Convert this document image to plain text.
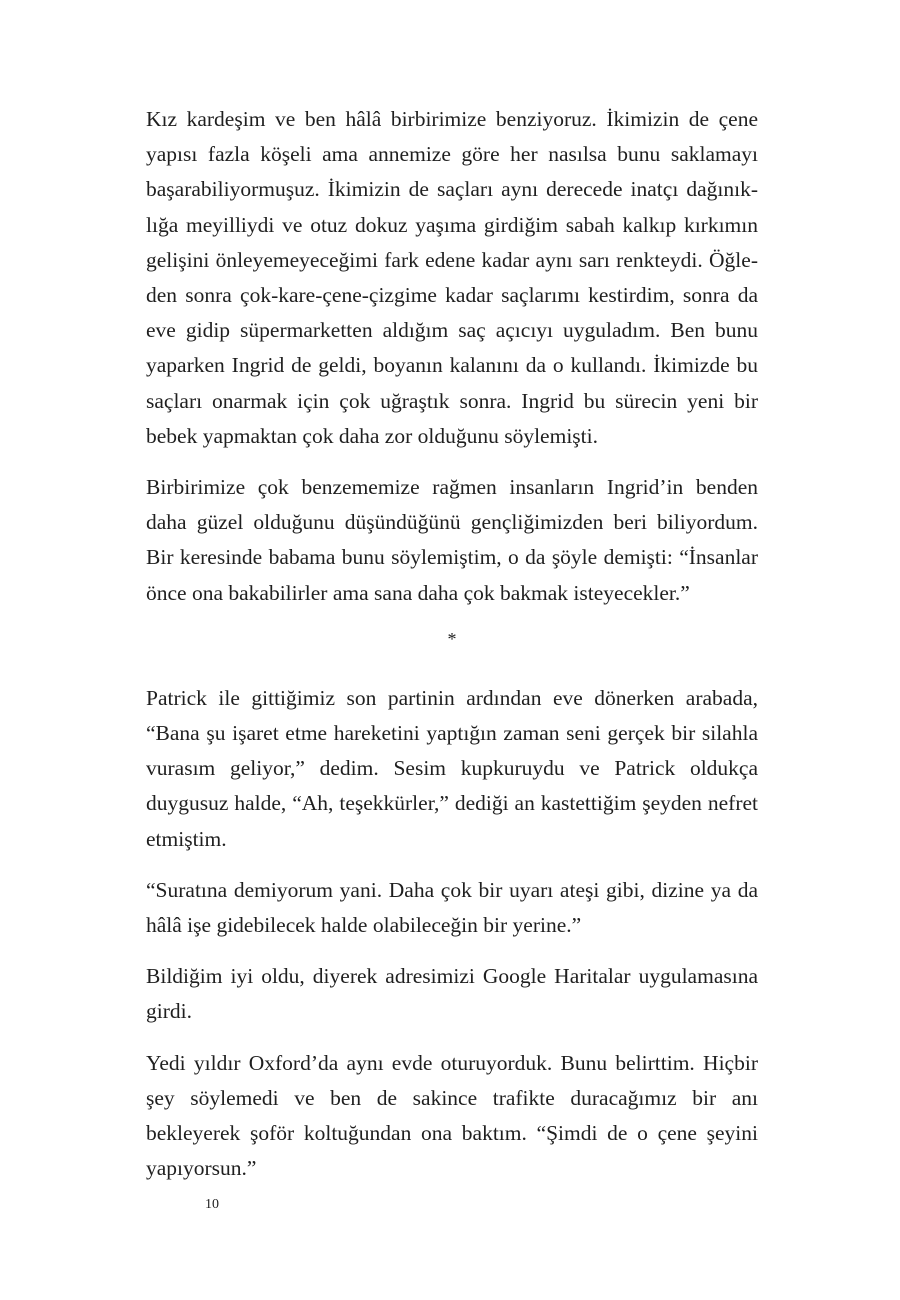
Kız kardeşim ve ben hâlâ birbirimize benziyoruz. İkimizin de çene yapısı fazla köşeli ama annemize göre her nasılsa bunu saklamayı başarabiliyormuşuz. İkimizin de saçları aynı derecede inatçı dağınıklığa meyilliydi ve otuz dokuz yaşıma girdiğim sabah kalkıp kırkımın gelişini önleyemeyeceğimi fark edene kadar aynı sarı renkteydi. Öğleden sonra çok-kare-çene-çizgime kadar saçlarımı kestirdim, sonra da eve gidip süpermarketten aldığım saç açıcıyı uyguladım. Ben bunu yaparken Ingrid de geldi, boyanın kalanını da o kullandı. İkimizde bu saçları onarmak için çok uğraştık sonra. Ingrid bu sürecin yeni bir bebek yapmaktan çok daha zor olduğunu söylemişti.

Birbirimize çok benzememize rağmen insanların Ingrid’in benden daha güzel olduğunu düşündüğünü gençliğimizden beri biliyordum. Bir keresinde babama bunu söylemiştim, o da şöyle demişti: “İnsanlar önce ona bakabilirler ama sana daha çok bakmak isteyecekler.”

*

Patrick ile gittiğimiz son partinin ardından eve dönerken arabada, “Bana şu işaret etme hareketini yaptığın zaman seni gerçek bir silahla vurasım geliyor,” dedim. Sesim kupkuruydu ve Patrick oldukça duygusuz halde, “Ah, teşekkürler,” dediği an kastettiğim şeyden nefret etmiştim.

“Suratına demiyorum yani. Daha çok bir uyarı ateşi gibi, dizine ya da hâlâ işe gidebilecek halde olabileceğin bir yerine.”

Bildiğim iyi oldu, diyerek adresimizi Google Haritalar uygulamasına girdi.

Yedi yıldır Oxford’da aynı evde oturuyorduk. Bunu belirttim. Hiçbir şey söylemedi ve ben de sakince trafikte duracağımız bir anı bekleyerek şoför koltuğundan ona baktım. “Şimdi de o çene şeyini yapıyorsun.”

10
